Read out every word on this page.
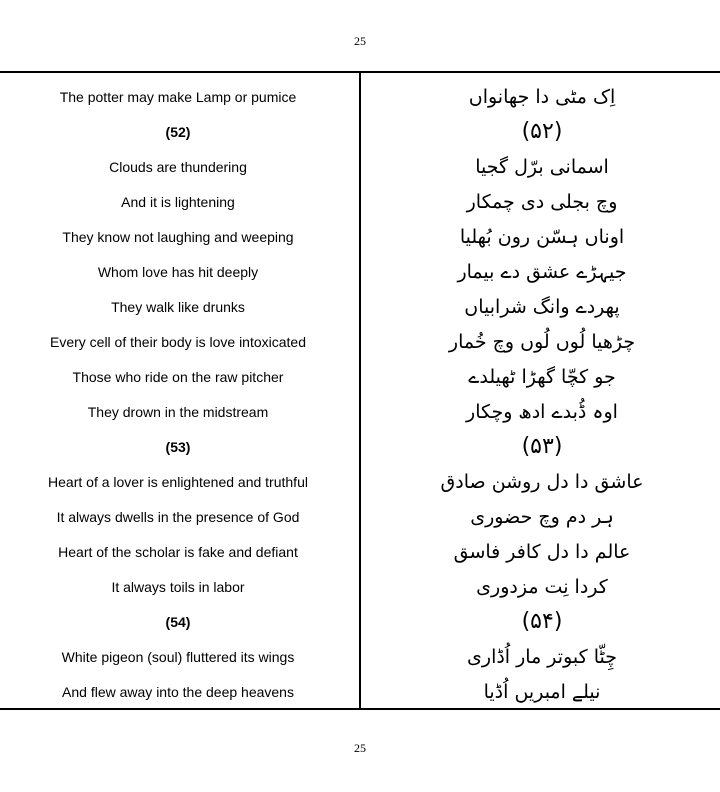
25
The potter may make Lamp or pumice
(52)
Clouds are thundering
And it is lightening
They know not laughing and weeping
Whom love has hit deeply
They walk like drunks
Every cell of their body is love intoxicated
Those who ride on the raw pitcher
They drown in the midstream
(53)
Heart of a lover is enlightened and truthful
It always dwells in the presence of God
Heart of the scholar is fake and defiant
It always toils in labor
(54)
White pigeon (soul) fluttered its wings
And flew away into the deep heavens
اِک مٹی دا جھانواں
(۵۲)
اسمانی برّل گجیا
وچ بجلی دی چمکار
اوناں ہسّن رون بُھلیا
جیہڑے عشق دے بیمار
پھردے وانگ شرابیاں
چڑھیا لُوں لُوں وچ خُمار
جو کچّا گھڑا ٹھیلدے
اوہ ڈُبدے ادھ وچکار
(۵۳)
عاشق دا دل روشن صادق
ہر دم وچ حضوری
عالم دا دل کافر فاسق
کردا نِت مزدوری
(۵۴)
چِٹّا کبوتر مار اُڈاری
نیلے امبریں اُڈیا
25
